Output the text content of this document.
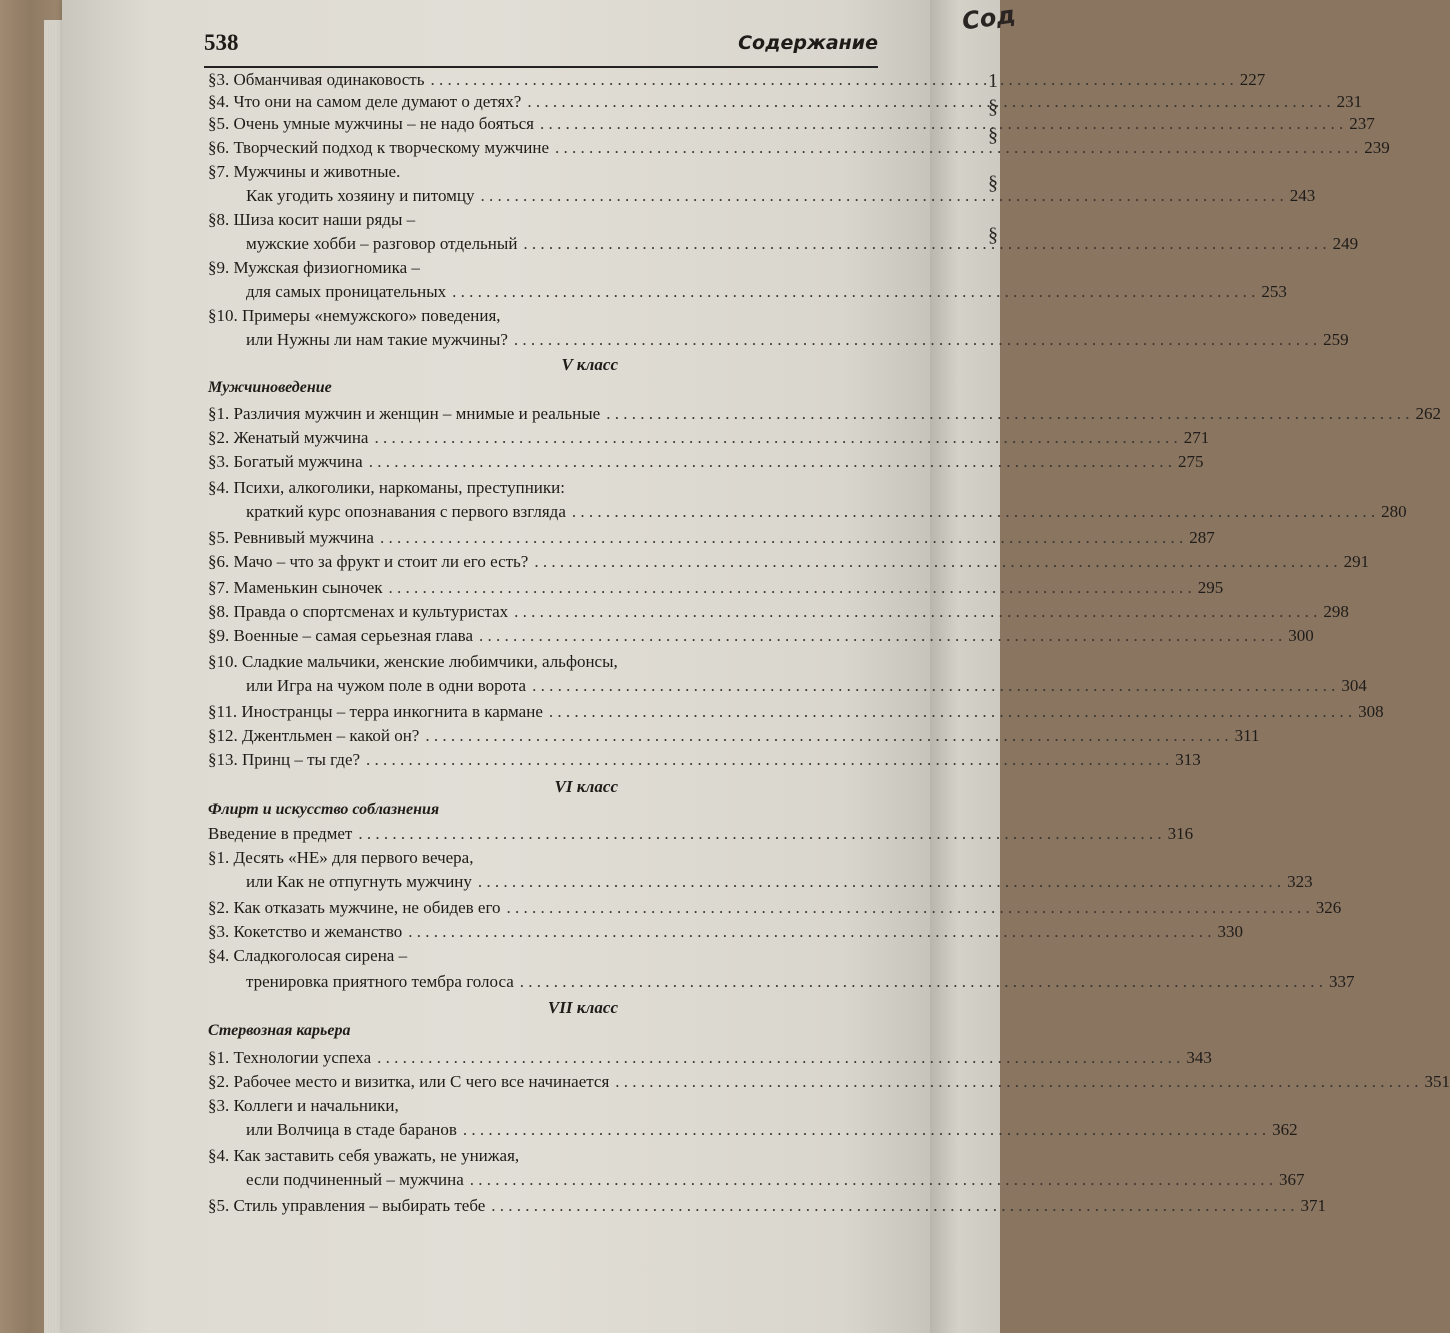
Сод
1
§
§
§
§
538	Содержание
§3. Обманчивая одинаковость . . .	227
§4. Что они на самом деле думают о детях? . . .	231
§5. Очень умные мужчины – не надо бояться . . .	237
§6. Творческий подход к творческому мужчине . . .	239
§7. Мужчины и животные.
Как угодить хозяину и питомцу . . .	243
§8. Шиза косит наши ряды –
мужские хобби – разговор отдельный . . .	249
§9. Мужская физиогномика –
для самых проницательных . . .	253
§10. Примеры «немужского» поведения,
или Нужны ли нам такие мужчины? . . .	259
V класс
Мужчиноведение
§1. Различия мужчин и женщин – мнимые и реальные . . .	262
§2. Женатый мужчина . . .	271
§3. Богатый мужчина . . .	275
§4. Психи, алкоголики, наркоманы, преступники:
краткий курс опознавания с первого взгляда . . .	280
§5. Ревнивый мужчина . . .	287
§6. Мачо – что за фрукт и стоит ли его есть? . . .	291
§7. Маменькин сыночек . . .	295
§8. Правда о спортсменах и культуристах . . .	298
§9. Военные – самая серьезная глава . . .	300
§10. Сладкие мальчики, женские любимчики, альфонсы,
или Игра на чужом поле в одни ворота . . .	304
§11. Иностранцы – терра инкогнита в кармане . . .	308
§12. Джентльмен – какой он? . . .	311
§13. Принц – ты где? . . .	313
VI класс
Флирт и искусство соблазнения
Введение в предмет . . .	316
§1. Десять «НЕ» для первого вечера,
или Как не отпугнуть мужчину . . .	323
§2. Как отказать мужчине, не обидев его . . .	326
§3. Кокетство и жеманство . . .	330
§4. Сладкоголосая сирена –
тренировка приятного тембра голоса . . .	337
VII класс
Стервозная карьера
§1. Технологии успеха . . .	343
§2. Рабочее место и визитка, или С чего все начинается . . .	351
§3. Коллеги и начальники,
или Волчица в стаде баранов . . .	362
§4. Как заставить себя уважать, не унижая,
если подчиненный – мужчина . . .	367
§5. Стиль управления – выбирать тебе . . .	371
